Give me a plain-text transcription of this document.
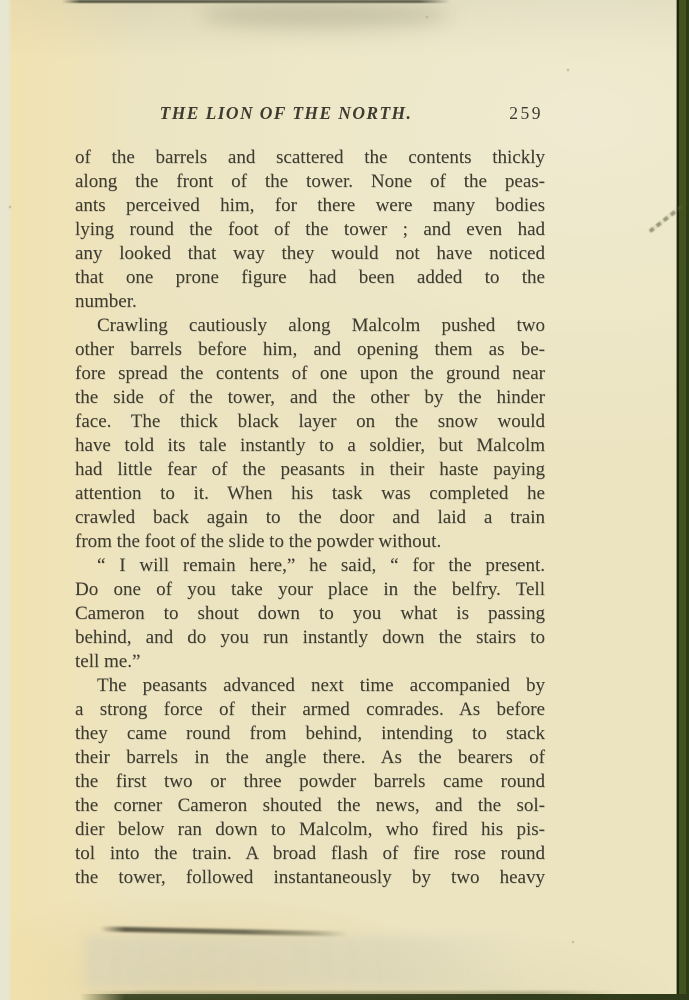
THE LION OF THE NORTH.	259
of the barrels and scattered the contents thickly
along the front of the tower. None of the peas-
ants perceived him, for there were many bodies
lying round the foot of the tower ; and even had
any looked that way they would not have noticed
that one prone figure had been added to the
number.
Crawling cautiously along Malcolm pushed two
other barrels before him, and opening them as be-
fore spread the contents of one upon the ground near
the side of the tower, and the other by the hinder
face. The thick black layer on the snow would
have told its tale instantly to a soldier, but Malcolm
had little fear of the peasants in their haste paying
attention to it. When his task was completed he
crawled back again to the door and laid a train
from the foot of the slide to the powder without.
“ I will remain here,” he said, “ for the present.
Do one of you take your place in the belfry. Tell
Cameron to shout down to you what is passing
behind, and do you run instantly down the stairs to
tell me.”
The peasants advanced next time accompanied by
a strong force of their armed comrades. As before
they came round from behind, intending to stack
their barrels in the angle there. As the bearers of
the first two or three powder barrels came round
the corner Cameron shouted the news, and the sol-
dier below ran down to Malcolm, who fired his pis-
tol into the train. A broad flash of fire rose round
the tower, followed instantaneously by two heavy
